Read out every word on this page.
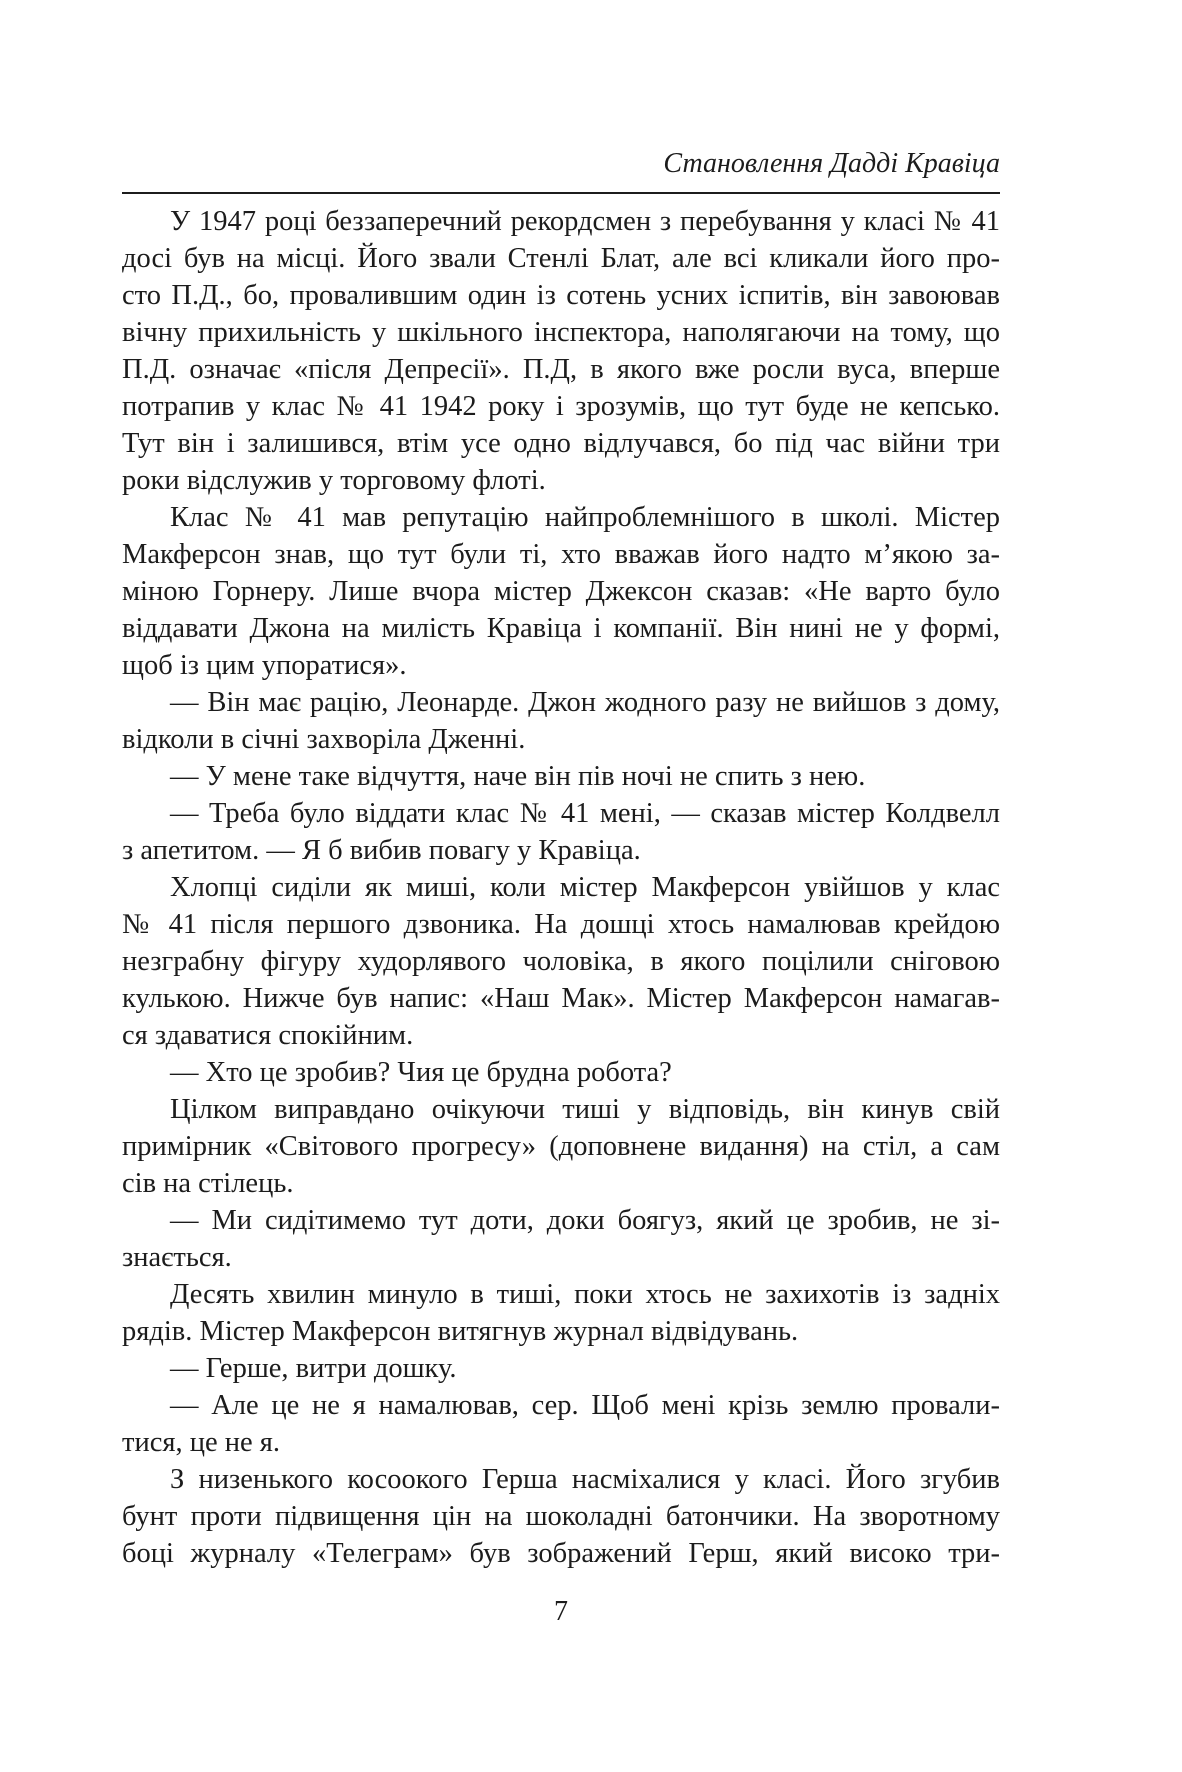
Становлення Дадді Кравіца
У 1947 році беззаперечний рекордсмен з перебування у класі № 41
досі був на місці. Його звали Стенлі Блат, але всі кликали його про-
сто П.Д., бо, провалившим один із сотень усних іспитів, він завоював
вічну прихильність у шкільного інспектора, наполягаючи на тому, що
П.Д. означає «після Депресії». П.Д, в якого вже росли вуса, вперше
потрапив у клас № 41 1942 року і зрозумів, що тут буде не кепсько.
Тут він і залишився, втім усе одно відлучався, бо під час війни три
роки відслужив у торговому флоті.
Клас № 41 мав репутацію найпроблемнішого в школі. Містер
Макферсон знав, що тут були ті, хто вважав його надто м’якою за-
міною Горнеру. Лише вчора містер Джексон сказав: «Не варто було
віддавати Джона на милість Кравіца і компанії. Він нині не у формі,
щоб із цим упоратися».
— Він має рацію, Леонарде. Джон жодного разу не вийшов з дому,
відколи в січні захворіла Дженні.
— У мене таке відчуття, наче він пів ночі не спить з нею.
— Треба було віддати клас № 41 мені, — сказав містер Колдвелл
з апетитом. — Я б вибив повагу у Кравіца.
Хлопці сиділи як миші, коли містер Макферсон увійшов у клас
№ 41 після першого дзвоника. На дошці хтось намалював крейдою
незграбну фігуру худорлявого чоловіка, в якого поцілили сніговою
кулькою. Нижче був напис: «Наш Мак». Містер Макферсон намагав-
ся здаватися спокійним.
— Хто це зробив? Чия це брудна робота?
Цілком виправдано очікуючи тиші у відповідь, він кинув свій
примірник «Світового прогресу» (доповнене видання) на стіл, а сам
сів на стілець.
— Ми сидітимемо тут доти, доки боягуз, який це зробив, не зі-
знається.
Десять хвилин минуло в тиші, поки хтось не захихотів із задніх
рядів. Містер Макферсон витягнув журнал відвідувань.
— Герше, витри дошку.
— Але це не я намалював, сер. Щоб мені крізь землю провали-
тися, це не я.
З низенького косоокого Герша насміхалися у класі. Його згубив
бунт проти підвищення цін на шоколадні батончики. На зворотному
боці журналу «Телеграм» був зображений Герш, який високо три-
7
